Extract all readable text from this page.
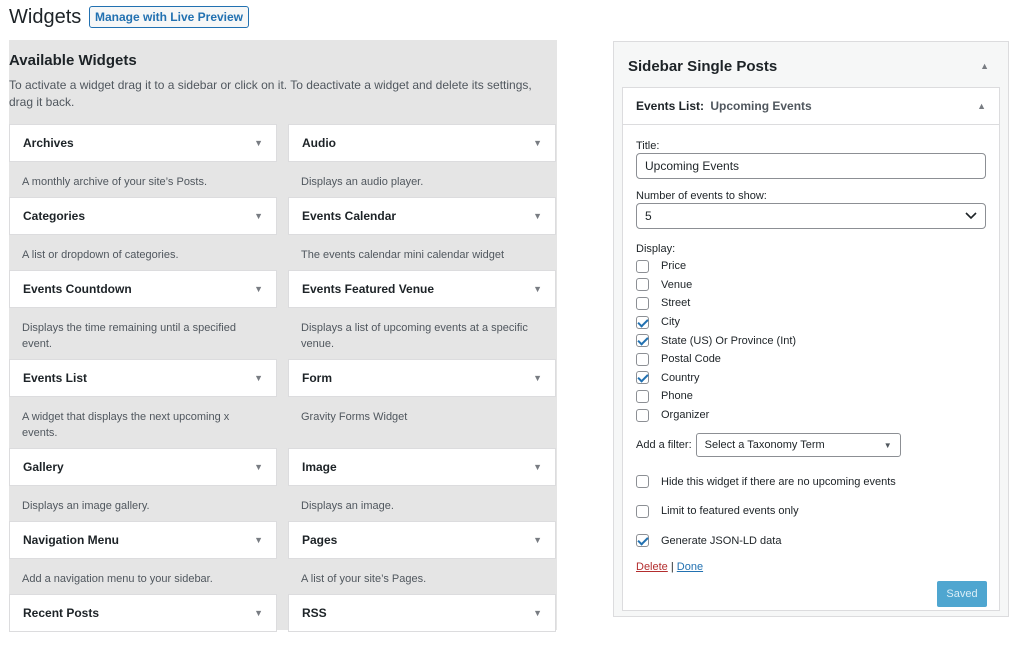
Widgets	Manage with Live Preview
Available Widgets
To activate a widget drag it to a sidebar or click on it. To deactivate a widget and delete its settings, drag it back.
Archives	▼
A monthly archive of your site’s Posts.
Categories	▼
A list or dropdown of categories.
Events Countdown	▼
Displays the time remaining until a specified event.
Events List	▼
A widget that displays the next upcoming x events.
Gallery	▼
Displays an image gallery.
Navigation Menu	▼
Add a navigation menu to your sidebar.
Recent Posts	▼
Audio	▼
Displays an audio player.
Events Calendar	▼
The events calendar mini calendar widget
Events Featured Venue	▼
Displays a list of upcoming events at a specific venue.
Form	▼
Gravity Forms Widget
Image	▼
Displays an image.
Pages	▼
A list of your site’s Pages.
RSS	▼
Sidebar Single Posts	▲
Events List: Upcoming Events	▲
Title:
Upcoming Events
Number of events to show:
5
Display:
Price
Venue
Street
City
State (US) Or Province (Int)
Postal Code
Country
Phone
Organizer
Add a filter: Select a Taxonomy Term	▼
Hide this widget if there are no upcoming events
Limit to featured events only
Generate JSON-LD data
Delete | Done
Saved
